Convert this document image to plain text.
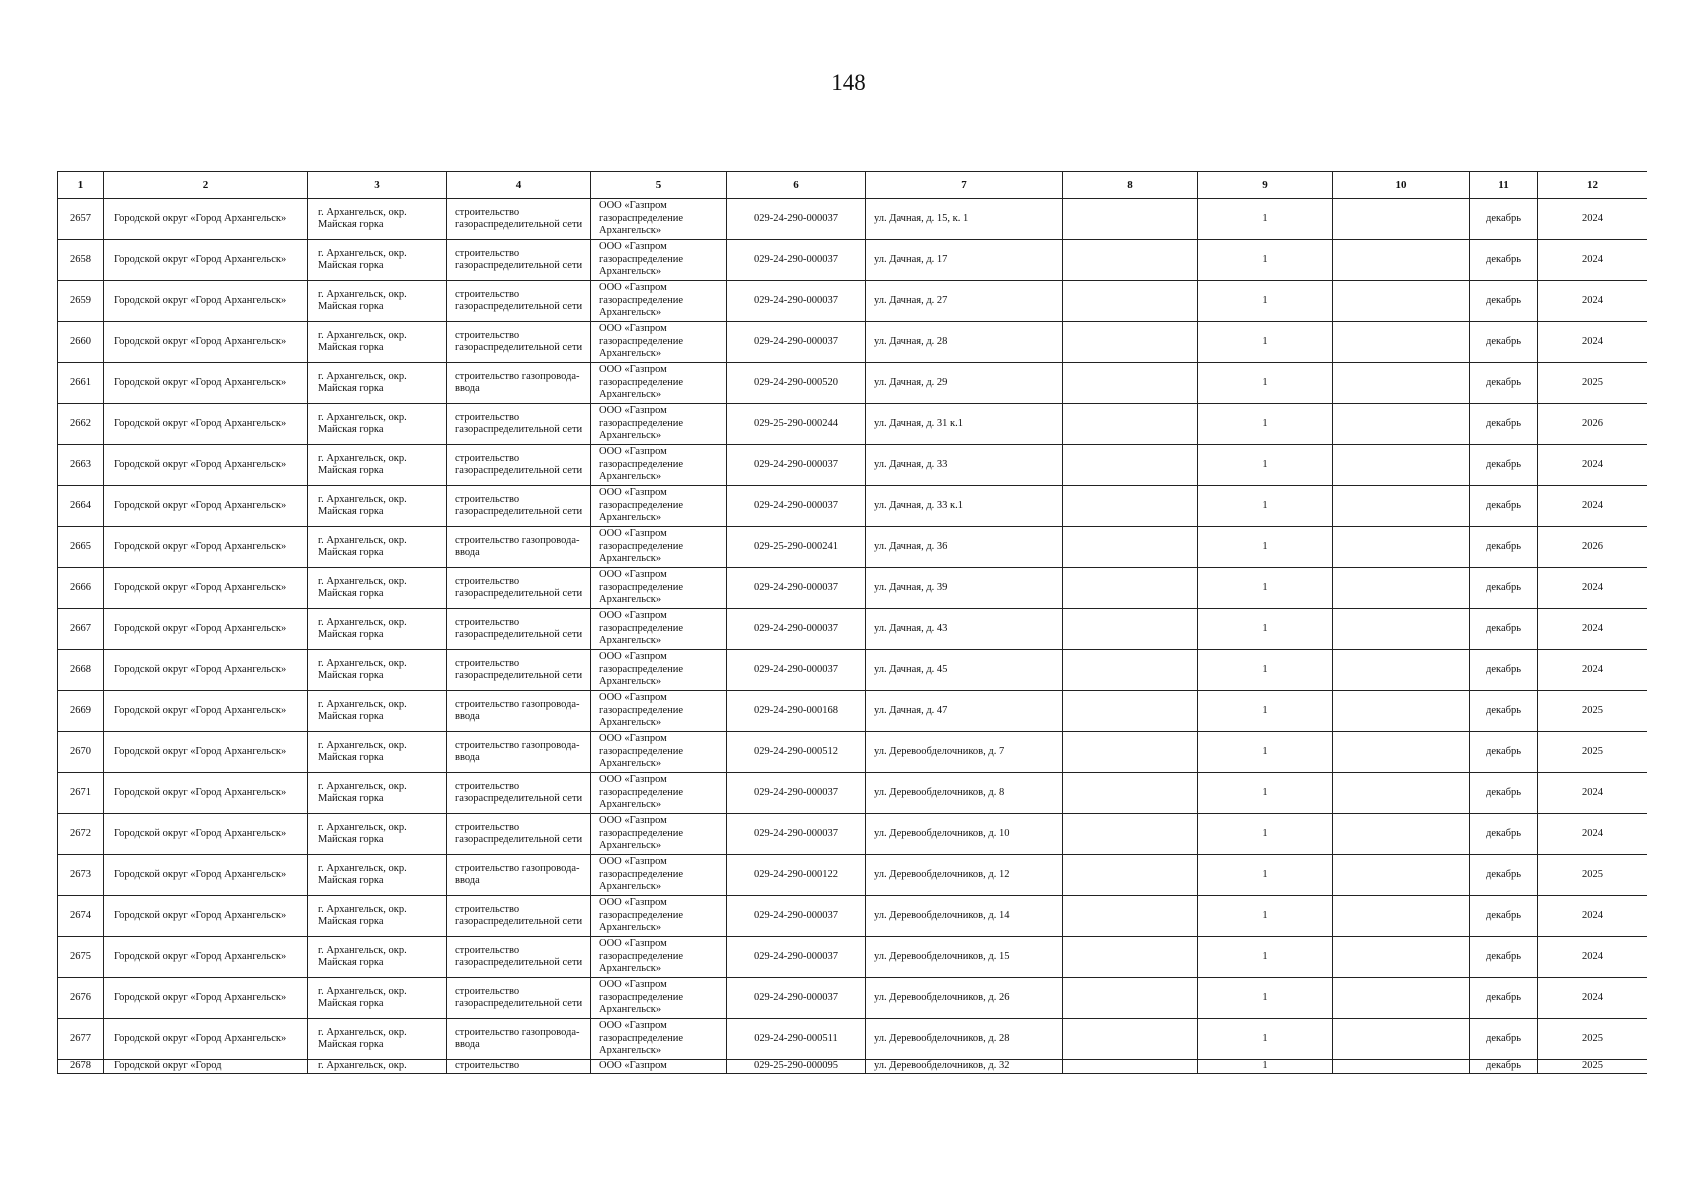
148
1	2	3	4	5	6	7	8	9	10	11	12
2657	Городской округ «Город Архангельск»	г. Архангельск, окр. Майская горка	строительство газораспределительной сети	ООО «Газпром газораспределение Архангельск»	029-24-290-000037	ул. Дачная, д. 15, к. 1		1		декабрь	2024
2658	Городской округ «Город Архангельск»	г. Архангельск, окр. Майская горка	строительство газораспределительной сети	ООО «Газпром газораспределение Архангельск»	029-24-290-000037	ул. Дачная, д. 17		1		декабрь	2024
2659	Городской округ «Город Архангельск»	г. Архангельск, окр. Майская горка	строительство газораспределительной сети	ООО «Газпром газораспределение Архангельск»	029-24-290-000037	ул. Дачная, д. 27		1		декабрь	2024
2660	Городской округ «Город Архангельск»	г. Архангельск, окр. Майская горка	строительство газораспределительной сети	ООО «Газпром газораспределение Архангельск»	029-24-290-000037	ул. Дачная, д. 28		1		декабрь	2024
2661	Городской округ «Город Архангельск»	г. Архангельск, окр. Майская горка	строительство газопровода-ввода	ООО «Газпром газораспределение Архангельск»	029-24-290-000520	ул. Дачная, д. 29		1		декабрь	2025
2662	Городской округ «Город Архангельск»	г. Архангельск, окр. Майская горка	строительство газораспределительной сети	ООО «Газпром газораспределение Архангельск»	029-25-290-000244	ул. Дачная, д. 31 к.1		1		декабрь	2026
2663	Городской округ «Город Архангельск»	г. Архангельск, окр. Майская горка	строительство газораспределительной сети	ООО «Газпром газораспределение Архангельск»	029-24-290-000037	ул. Дачная, д. 33		1		декабрь	2024
2664	Городской округ «Город Архангельск»	г. Архангельск, окр. Майская горка	строительство газораспределительной сети	ООО «Газпром газораспределение Архангельск»	029-24-290-000037	ул. Дачная, д. 33 к.1		1		декабрь	2024
2665	Городской округ «Город Архангельск»	г. Архангельск, окр. Майская горка	строительство газопровода-ввода	ООО «Газпром газораспределение Архангельск»	029-25-290-000241	ул. Дачная, д. 36		1		декабрь	2026
2666	Городской округ «Город Архангельск»	г. Архангельск, окр. Майская горка	строительство газораспределительной сети	ООО «Газпром газораспределение Архангельск»	029-24-290-000037	ул. Дачная, д. 39		1		декабрь	2024
2667	Городской округ «Город Архангельск»	г. Архангельск, окр. Майская горка	строительство газораспределительной сети	ООО «Газпром газораспределение Архангельск»	029-24-290-000037	ул. Дачная, д. 43		1		декабрь	2024
2668	Городской округ «Город Архангельск»	г. Архангельск, окр. Майская горка	строительство газораспределительной сети	ООО «Газпром газораспределение Архангельск»	029-24-290-000037	ул. Дачная, д. 45		1		декабрь	2024
2669	Городской округ «Город Архангельск»	г. Архангельск, окр. Майская горка	строительство газопровода-ввода	ООО «Газпром газораспределение Архангельск»	029-24-290-000168	ул. Дачная, д. 47		1		декабрь	2025
2670	Городской округ «Город Архангельск»	г. Архангельск, окр. Майская горка	строительство газопровода-ввода	ООО «Газпром газораспределение Архангельск»	029-24-290-000512	ул. Деревообделочников, д. 7		1		декабрь	2025
2671	Городской округ «Город Архангельск»	г. Архангельск, окр. Майская горка	строительство газораспределительной сети	ООО «Газпром газораспределение Архангельск»	029-24-290-000037	ул. Деревообделочников, д. 8		1		декабрь	2024
2672	Городской округ «Город Архангельск»	г. Архангельск, окр. Майская горка	строительство газораспределительной сети	ООО «Газпром газораспределение Архангельск»	029-24-290-000037	ул. Деревообделочников, д. 10		1		декабрь	2024
2673	Городской округ «Город Архангельск»	г. Архангельск, окр. Майская горка	строительство газопровода-ввода	ООО «Газпром газораспределение Архангельск»	029-24-290-000122	ул. Деревообделочников, д. 12		1		декабрь	2025
2674	Городской округ «Город Архангельск»	г. Архангельск, окр. Майская горка	строительство газораспределительной сети	ООО «Газпром газораспределение Архангельск»	029-24-290-000037	ул. Деревообделочников, д. 14		1		декабрь	2024
2675	Городской округ «Город Архангельск»	г. Архангельск, окр. Майская горка	строительство газораспределительной сети	ООО «Газпром газораспределение Архангельск»	029-24-290-000037	ул. Деревообделочников, д. 15		1		декабрь	2024
2676	Городской округ «Город Архангельск»	г. Архангельск, окр. Майская горка	строительство газораспределительной сети	ООО «Газпром газораспределение Архангельск»	029-24-290-000037	ул. Деревообделочников, д. 26		1		декабрь	2024
2677	Городской округ «Город Архангельск»	г. Архангельск, окр. Майская горка	строительство газопровода-ввода	ООО «Газпром газораспределение Архангельск»	029-24-290-000511	ул. Деревообделочников, д. 28		1		декабрь	2025
2678	Городской округ «Город	г. Архангельск, окр.	строительство	ООО «Газпром	029-25-290-000095	ул. Деревообделочников, д. 32		1		декабрь	2025
